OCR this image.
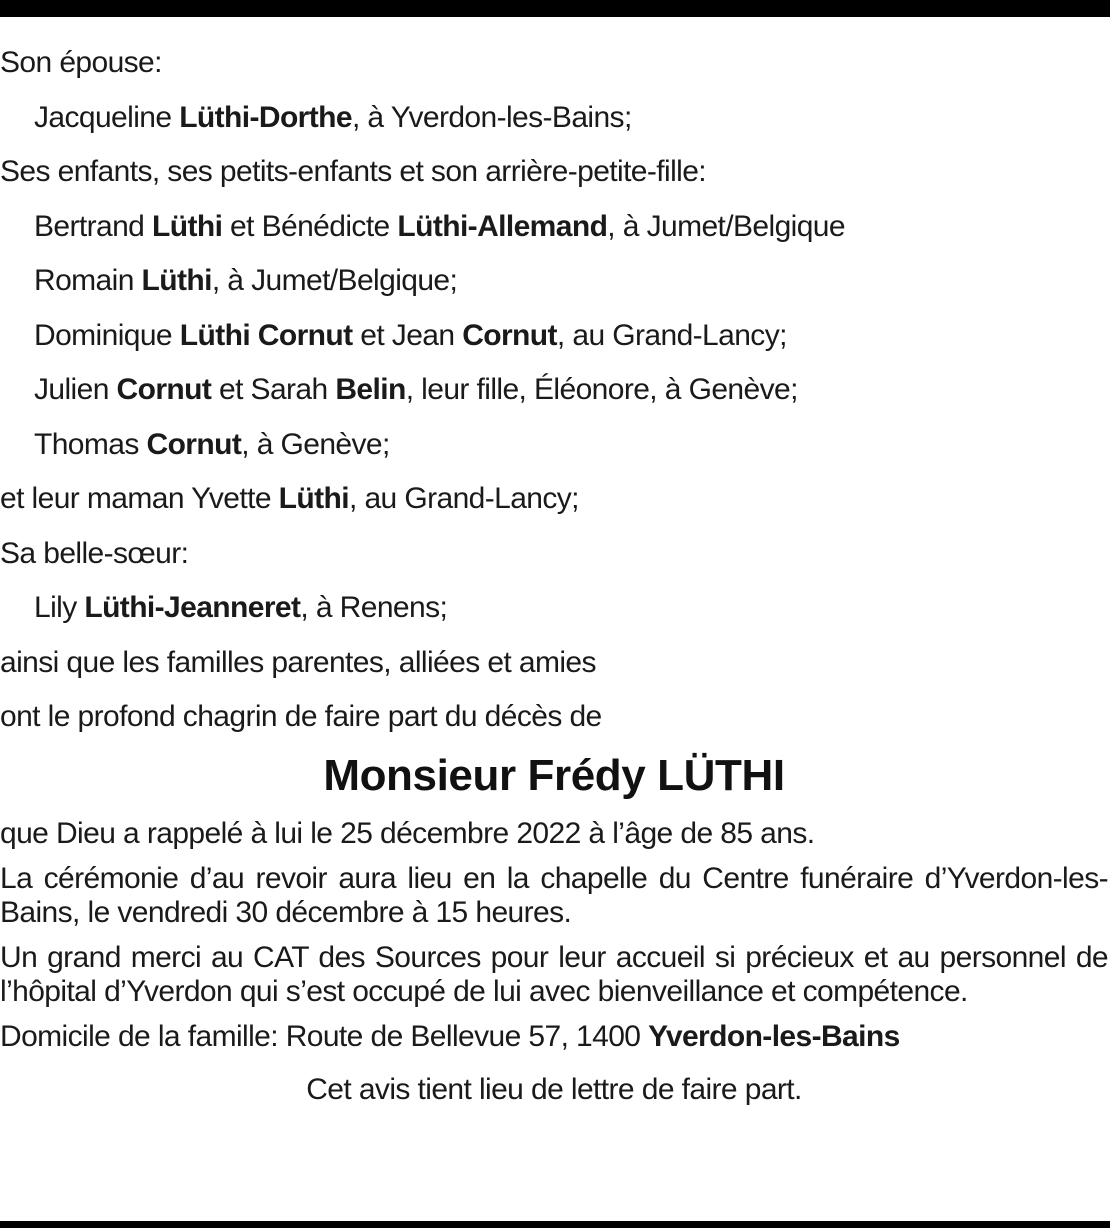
Son épouse:
Jacqueline Lüthi-Dorthe, à Yverdon-les-Bains;
Ses enfants, ses petits-enfants et son arrière-petite-fille:
Bertrand Lüthi et Bénédicte Lüthi-Allemand, à Jumet/Belgique
Romain Lüthi, à Jumet/Belgique;
Dominique Lüthi Cornut et Jean Cornut, au Grand-Lancy;
Julien Cornut et Sarah Belin, leur fille, Éléonore, à Genève;
Thomas Cornut, à Genève;
et leur maman Yvette Lüthi, au Grand-Lancy;
Sa belle-sœur:
Lily Lüthi-Jeanneret, à Renens;
ainsi que les familles parentes, alliées et amies
ont le profond chagrin de faire part du décès de
Monsieur Frédy LÜTHI
que Dieu a rappelé à lui le 25 décembre 2022 à l’âge de 85 ans.
La cérémonie d’au revoir aura lieu en la chapelle du Centre funéraire d’Yverdon-les-Bains, le vendredi 30 décembre à 15 heures.
Un grand merci au CAT des Sources pour leur accueil si précieux et au personnel de l’hôpital d’Yverdon qui s’est occupé de lui avec bienveillance et compétence.
Domicile de la famille: Route de Bellevue 57, 1400 Yverdon-les-Bains
Cet avis tient lieu de lettre de faire part.
